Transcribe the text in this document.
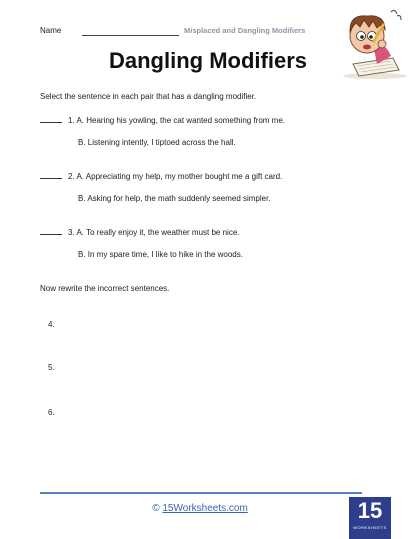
Name	Misplaced and Dangling Modifiers
Dangling Modifiers
Select the sentence in each pair that has a dangling modifier.
1. A. Hearing his yowling, the cat wanted something from me.
B. Listening intently, I tiptoed across the hall.
2. A. Appreciating my help, my mother bought me a gift card.
B. Asking for help, the math suddenly seemed simpler.
3. A. To really enjoy it, the weather must be nice.
B. In my spare time, I like to hike in the woods.
Now rewrite the incorrect sentences.
4.
5.
6.
© 15Worksheets.com	15
WORKSHEETS
